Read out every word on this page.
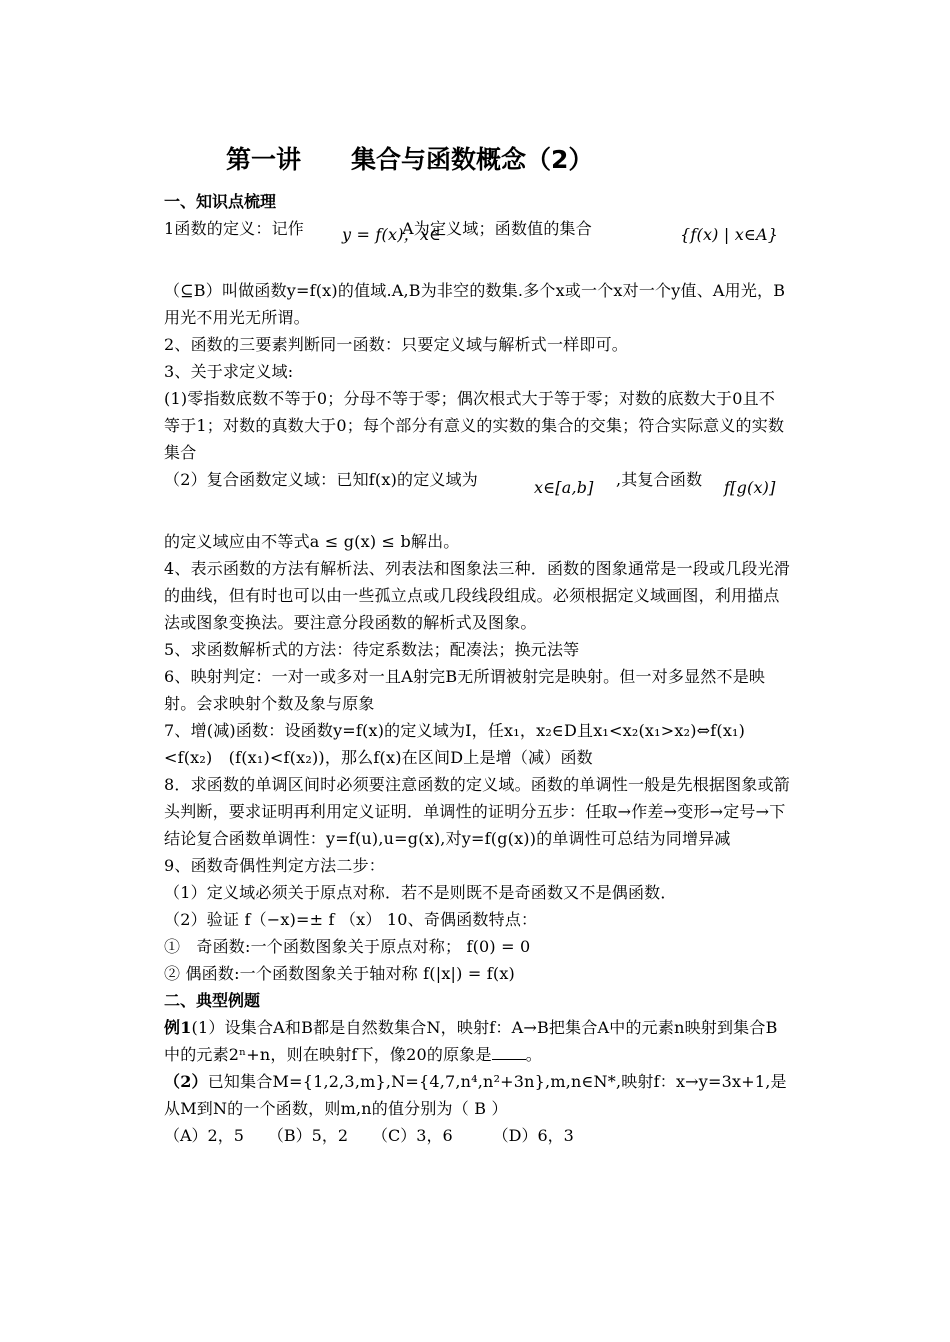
第一讲　　集合与函数概念（2）
一、知识点梳理
1函数的定义：记作 y = f(x)，x∈
A为定义域；函数值的集合	{f(x) | x∈A}
（⊆B）叫做函数y=f(x)的值域.A,B为非空的数集.多个x或一个x对一个y值、A用光，B用光不用光无所谓。
2、函数的三要素判断同一函数：只要定义域与解析式一样即可。
3、关于求定义域:
(1)零指数底数不等于0；分母不等于零；偶次根式大于等于零；对数的底数大于0且不等于1；对数的真数大于0；每个部分有意义的实数的集合的交集；符合实际意义的实数集合
（2）复合函数定义域：已知f(x)的定义域为	x∈[a,b] ,其复合函数 f[g(x)]
的定义域应由不等式a ≤ g(x) ≤ b解出。
4、表示函数的方法有解析法、列表法和图象法三种．函数的图象通常是一段或几段光滑的曲线，但有时也可以由一些孤立点或几段线段组成。必须根据定义域画图，利用描点法或图象变换法。要注意分段函数的解析式及图象。
5、求函数解析式的方法：待定系数法；配凑法；换元法等
6、映射判定：一对一或多对一且A射完B无所谓被射完是映射。但一对多显然不是映射。会求映射个数及象与原象
7、增(减)函数：设函数y=f(x)的定义域为I，任x₁，x₂∈D且x₁<x₂(x₁>x₂)⇔f(x₁)<f(x₂)　(f(x₁)<f(x₂))，那么f(x)在区间D上是增（减）函数
8．求函数的单调区间时必须要注意函数的定义域。函数的单调性一般是先根据图象或箭头判断，要求证明再利用定义证明．单调性的证明分五步：任取→作差→变形→定号→下结论复合函数单调性：y=f(u),u=g(x),对y=f(g(x))的单调性可总结为同增异减
9、函数奇偶性判定方法二步：
（1）定义域必须关于原点对称．若不是则既不是奇函数又不是偶函数．
（2）验证 f（−x)=± f （x） 10、奇偶函数特点：
①　奇函数:一个函数图象关于原点对称； f(0) = 0
② 偶函数:一个函数图象关于轴对称 f(|x|) = f(x)
二、典型例题
例1(1）设集合A和B都是自然数集合N，映射f：A→B把集合A中的元素n映射到集合B中的元素2ⁿ+n，则在映射f下，像20的原象是 。
（2）已知集合M={1,2,3,m},N={4,7,n⁴,n²+3n},m,n∈N*,映射f：x→y=3x+1,是从M到N的一个函数，则m,n的值分别为（ B ）
（A）2，5　　（B）5，2　　（C）3，6　　　（D）6，3
